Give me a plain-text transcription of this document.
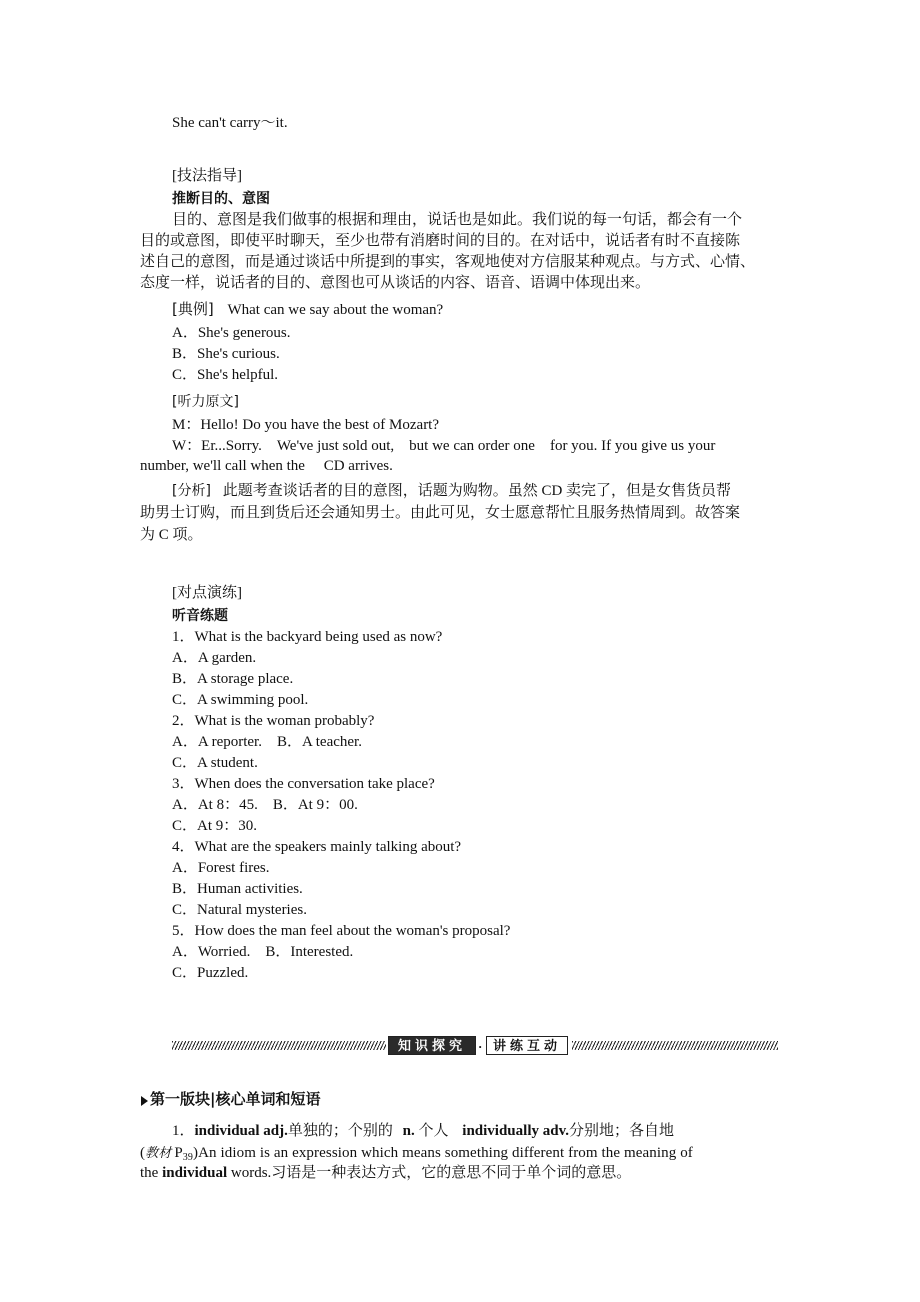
She can't carry～it.
[技法指导]
推断目的、意图
目的、意图是我们做事的根据和理由，说话也是如此。我们说的每一句话，都会有一个
目的或意图，即使平时聊天，至少也带有消磨时间的目的。在对话中，说话者有时不直接陈
述自己的意图，而是通过谈话中所提到的事实，客观地使对方信服某种观点。与方式、心情、
态度一样，说话者的目的、意图也可从谈话的内容、语音、语调中体现出来。
[典例] What can we say about the woman?
A．She's generous.
B．She's curious.
C．She's helpful.
[听力原文]
M：Hello! Do you have the best of Mozart?
W：Er...Sorry.　We've just sold out,　but we can order one　for you. If you give us your
number, we'll call when the　 CD arrives.
[分析] 此题考查谈话者的目的意图，话题为购物。虽然 CD 卖完了，但是女售货员帮
助男士订购，而且到货后还会通知男士。由此可见，女士愿意帮忙且服务热情周到。故答案
为 C 项。
[对点演练]
听音练题
1．What is the backyard being used as now?
A．A garden.
B．A storage place.
C．A swimming pool.
2．What is the woman probably?
A．A reporter.　B．A teacher.
C．A student.
3．When does the conversation take place?
A．At 8：45.　B．At 9：00.
C．At 9：30.
4．What are the speakers mainly talking about?
A．Forest fires.
B．Human activities.
C．Natural mysteries.
5．How does the man feel about the woman's proposal?
A．Worried.　B．Interested.
C．Puzzled.
知识探究 · 讲练互动
第一版块|核心单词和短语
1．individual adj.单独的；个别的 n. 个人 individually adv.分别地；各自地
(教材 $P_{39})An$ idiom is an expression which means something different from the meaning of
the individual words.习语是一种表达方式，它的意思不同于单个词的意思。
